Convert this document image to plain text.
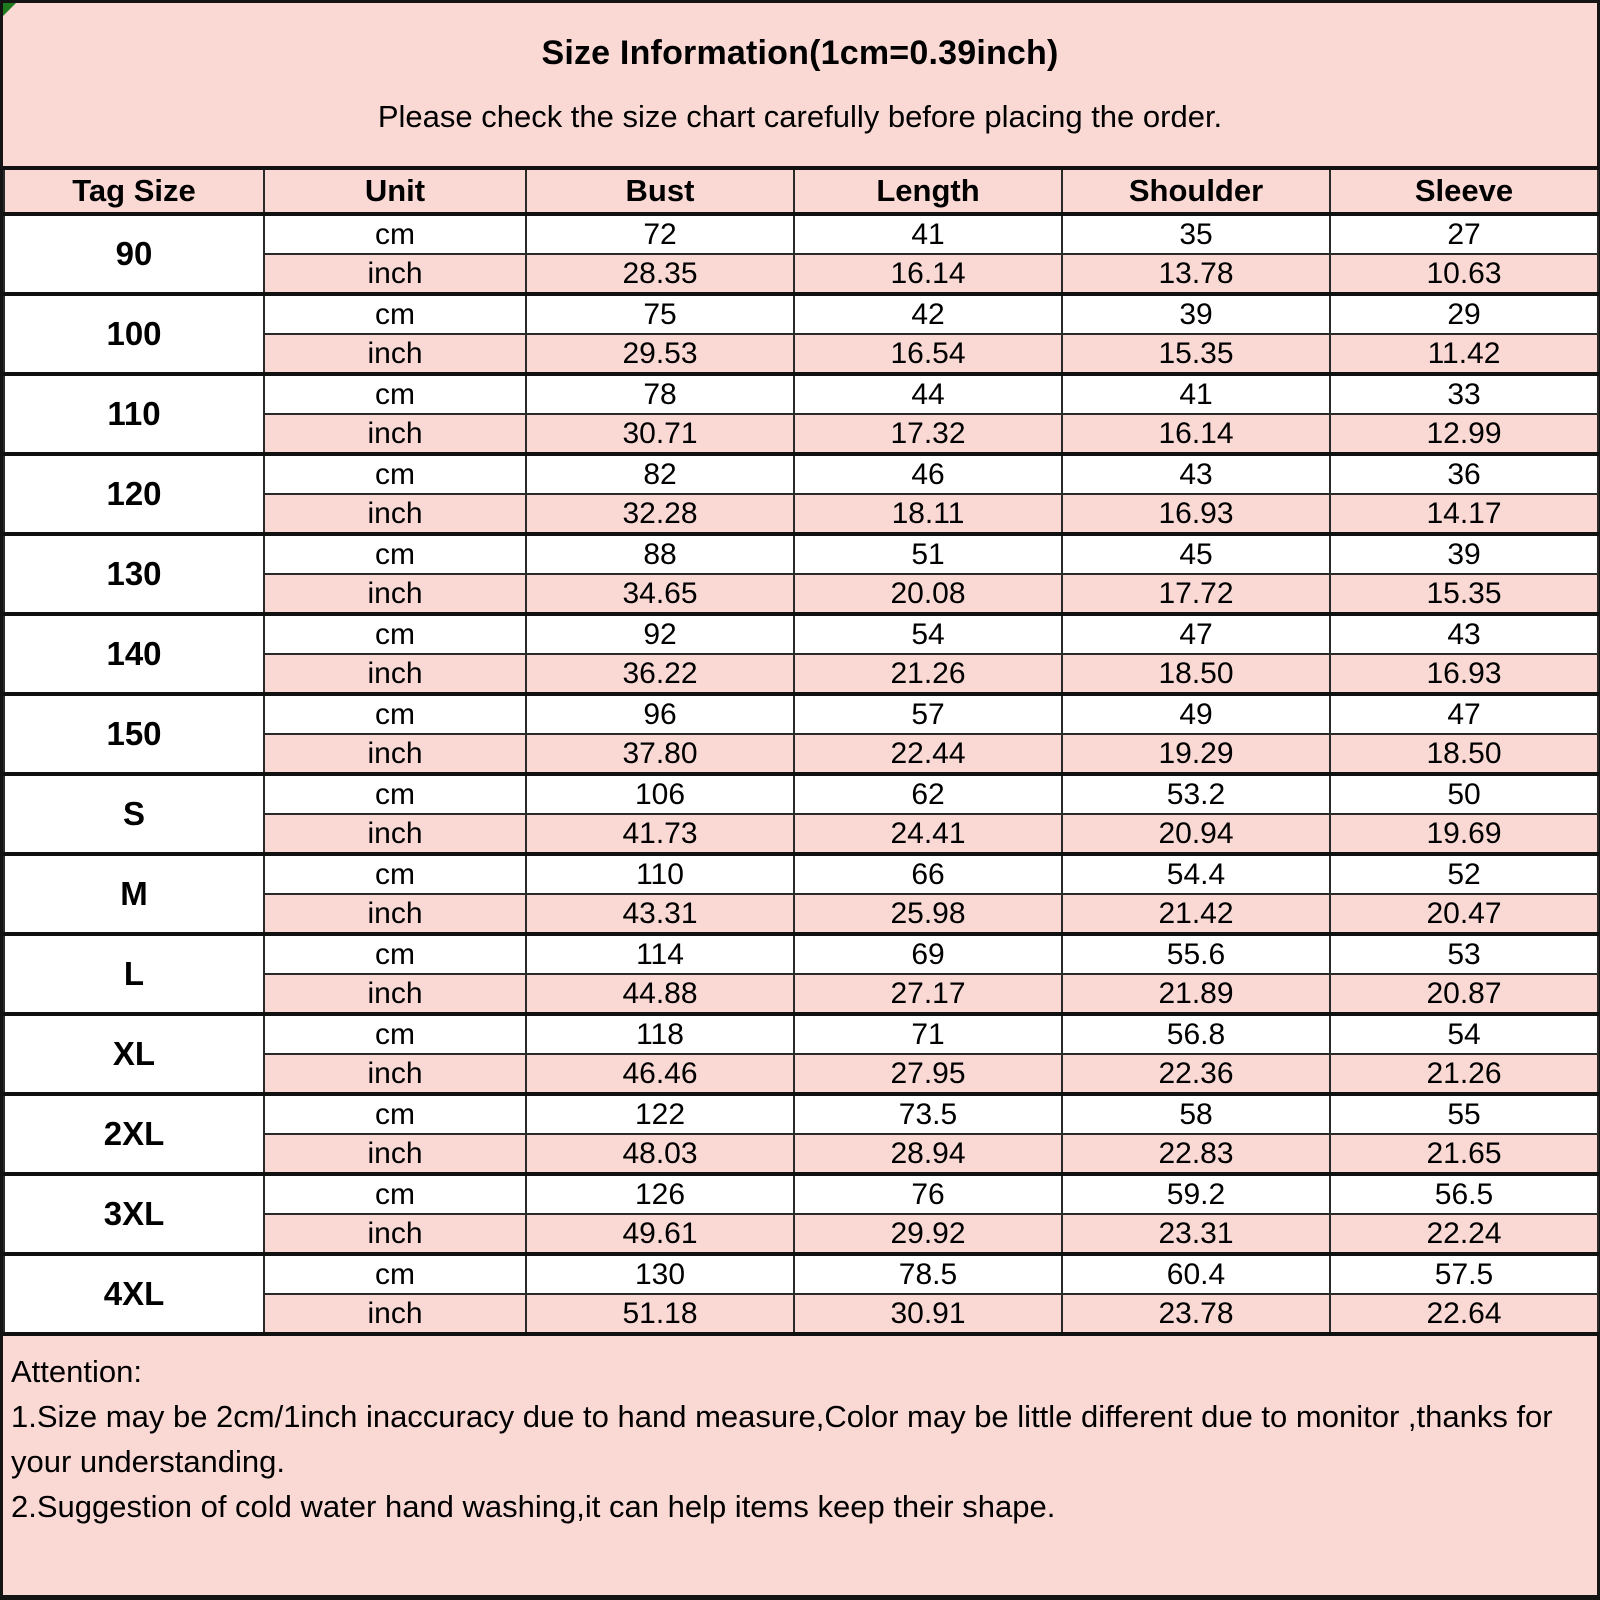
Size Information(1cm=0.39inch)
Please check the size chart carefully before placing the order.
Tag Size	Unit	Bust	Length	Shoulder	Sleeve
90	cm	72	41	35	27
	inch	28.35	16.14	13.78	10.63
100	cm	75	42	39	29
	inch	29.53	16.54	15.35	11.42
110	cm	78	44	41	33
	inch	30.71	17.32	16.14	12.99
120	cm	82	46	43	36
	inch	32.28	18.11	16.93	14.17
130	cm	88	51	45	39
	inch	34.65	20.08	17.72	15.35
140	cm	92	54	47	43
	inch	36.22	21.26	18.50	16.93
150	cm	96	57	49	47
	inch	37.80	22.44	19.29	18.50
S	cm	106	62	53.2	50
	inch	41.73	24.41	20.94	19.69
M	cm	110	66	54.4	52
	inch	43.31	25.98	21.42	20.47
L	cm	114	69	55.6	53
	inch	44.88	27.17	21.89	20.87
XL	cm	118	71	56.8	54
	inch	46.46	27.95	22.36	21.26
2XL	cm	122	73.5	58	55
	inch	48.03	28.94	22.83	21.65
3XL	cm	126	76	59.2	56.5
	inch	49.61	29.92	23.31	22.24
4XL	cm	130	78.5	60.4	57.5
	inch	51.18	30.91	23.78	22.64

Attention:

1.Size may be 2cm/1inch inaccuracy due to hand measure,Color may be little different due to monitor ,thanks for your understanding.

2.Suggestion of cold water hand washing,it can help items keep their shape.
